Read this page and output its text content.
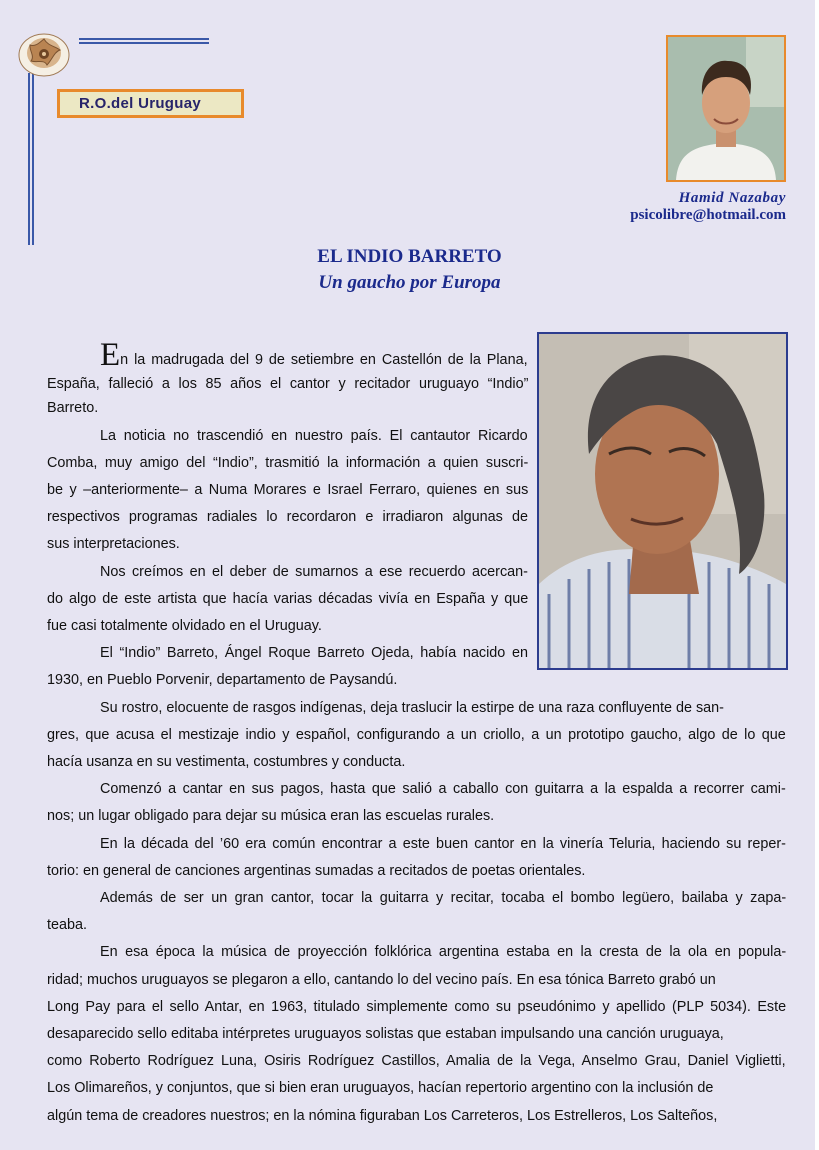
R.O.del Uruguay
Hamid Nazabay
psicolibre@hotmail.com
EL INDIO BARRETO
Un gaucho por Europa
En la madrugada del 9 de setiembre en Castellón de la Plana,
España, falleció a los 85 años el cantor y recitador uruguayo “Indio”
Barreto.
La noticia no trascendió en nuestro país. El cantautor Ricardo
Comba, muy amigo del “Indio”, trasmitió la información a quien suscri-
be y –anteriormente– a Numa Morares e Israel Ferraro, quienes en sus
respectivos programas radiales lo recordaron e irradiaron algunas de
sus interpretaciones.
Nos creímos en el deber de sumarnos a ese recuerdo acercan-
do algo de este artista que hacía varias décadas vivía en España y que
fue casi totalmente olvidado en el Uruguay.
El “Indio” Barreto, Ángel Roque Barreto Ojeda, había nacido en
1930, en Pueblo Porvenir, departamento de Paysandú.
Su rostro, elocuente de rasgos indígenas, deja traslucir la estirpe de una raza confluyente de san-
gres, que acusa el mestizaje indio y español, configurando a un criollo, a un prototipo gaucho, algo de lo que
hacía usanza en su vestimenta, costumbres y conducta.
Comenzó a cantar en sus pagos, hasta que salió a caballo con guitarra a la espalda a recorrer cami-
nos; un lugar obligado para dejar su música eran las escuelas rurales.
En la década del ’60 era común encontrar a este buen cantor en la vinería Teluria, haciendo su reper-
torio: en general de canciones argentinas sumadas a recitados de poetas orientales.
Además de ser un gran cantor, tocar la guitarra y recitar, tocaba el bombo legüero, bailaba y zapa-
teaba.
En esa época la música de proyección folklórica argentina estaba en la cresta de la ola en popula-
ridad; muchos uruguayos se plegaron a ello, cantando lo del vecino país. En esa tónica Barreto grabó un
Long Pay para el sello Antar, en 1963, titulado simplemente como su pseudónimo y apellido (PLP 5034). Este
desaparecido sello editaba intérpretes uruguayos solistas que estaban impulsando una canción uruguaya,
como Roberto Rodríguez Luna, Osiris Rodríguez Castillos, Amalia de la Vega, Anselmo Grau, Daniel Viglietti,
Los Olimareños, y conjuntos, que si bien eran uruguayos, hacían repertorio argentino con la inclusión de
algún tema de creadores nuestros; en la nómina figuraban Los Carreteros, Los Estrelleros, Los Salteños,
